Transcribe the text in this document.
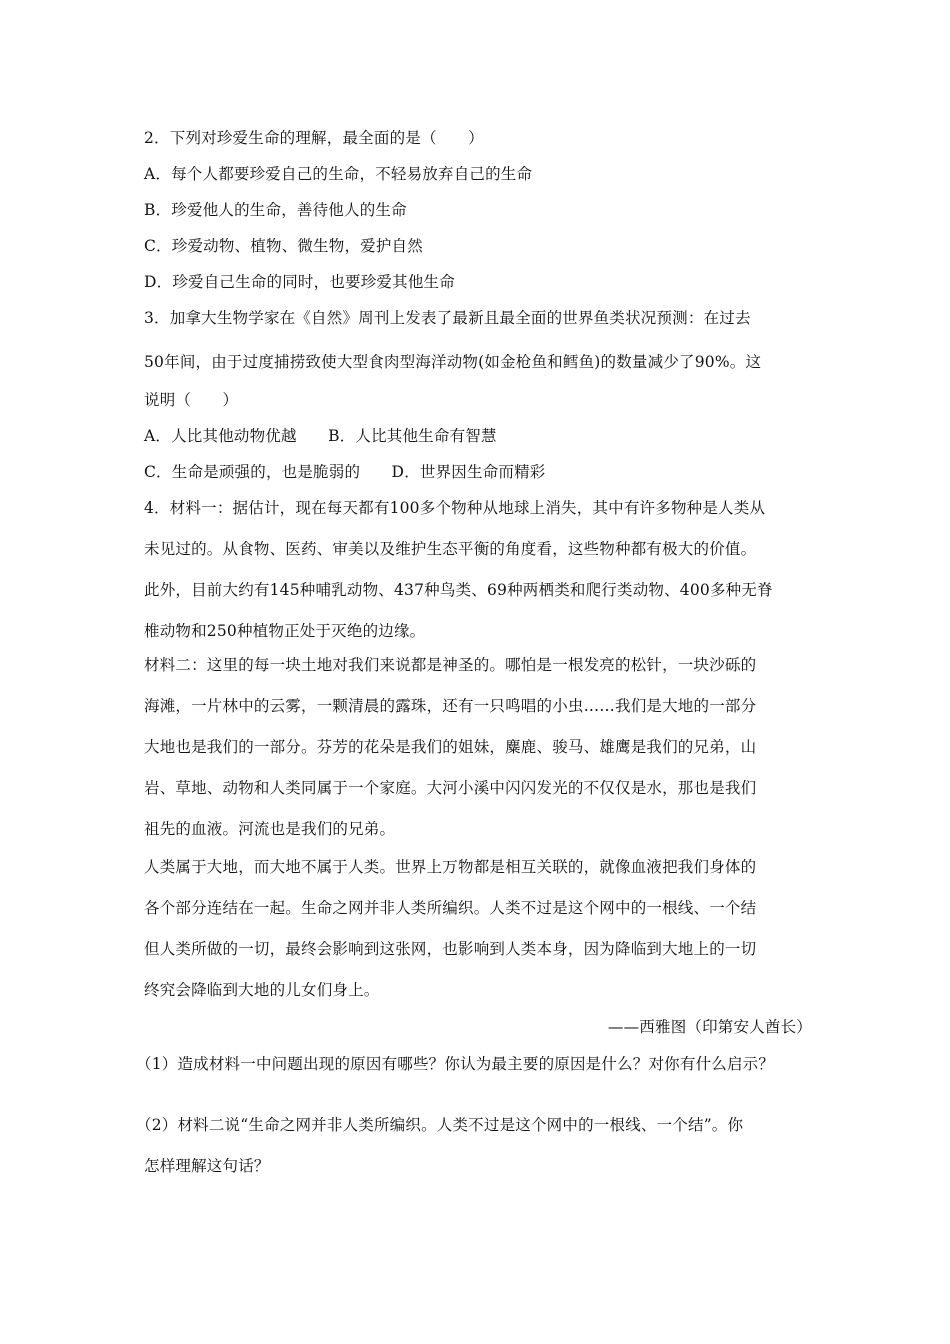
2．下列对珍爱生命的理解，最全面的是（　　）

A．每个人都要珍爱自己的生命，不轻易放弃自己的生命

B．珍爱他人的生命，善待他人的生命

C．珍爱动物、植物、微生物，爱护自然

D．珍爱自己生命的同时，也要珍爱其他生命

3．加拿大生物学家在《自然》周刊上发表了最新且最全面的世界鱼类状况预测：在过去

50年间，由于过度捕捞致使大型食肉型海洋动物(如金枪鱼和鳕鱼)的数量减少了90%。这

说明（　　）

A．人比其他动物优越　　B．人比其他生命有智慧

C．生命是顽强的，也是脆弱的　　D．世界因生命而精彩

4．材料一：据估计，现在每天都有100多个物种从地球上消失，其中有许多物种是人类从

未见过的。从食物、医药、审美以及维护生态平衡的角度看，这些物种都有极大的价值。

此外，目前大约有145种哺乳动物、437种鸟类、69种两栖类和爬行类动物、400多种无脊

椎动物和250种植物正处于灭绝的边缘。

材料二：这里的每一块土地对我们来说都是神圣的。哪怕是一根发亮的松针，一块沙砾的

海滩，一片林中的云雾，一颗清晨的露珠，还有一只鸣唱的小虫……我们是大地的一部分

大地也是我们的一部分。芬芳的花朵是我们的姐妹，麋鹿、骏马、雄鹰是我们的兄弟，山

岩、草地、动物和人类同属于一个家庭。大河小溪中闪闪发光的不仅仅是水，那也是我们

祖先的血液。河流也是我们的兄弟。

人类属于大地，而大地不属于人类。世界上万物都是相互关联的，就像血液把我们身体的

各个部分连结在一起。生命之网并非人类所编织。人类不过是这个网中的一根线、一个结

但人类所做的一切，最终会影响到这张网，也影响到人类本身，因为降临到大地上的一切

终究会降临到大地的儿女们身上。

——西雅图（印第安人酋长）

（1）造成材料一中问题出现的原因有哪些？你认为最主要的原因是什么？对你有什么启示？

（2）材料二说“生命之网并非人类所编织。人类不过是这个网中的一根线、一个结”。你

怎样理解这句话？
